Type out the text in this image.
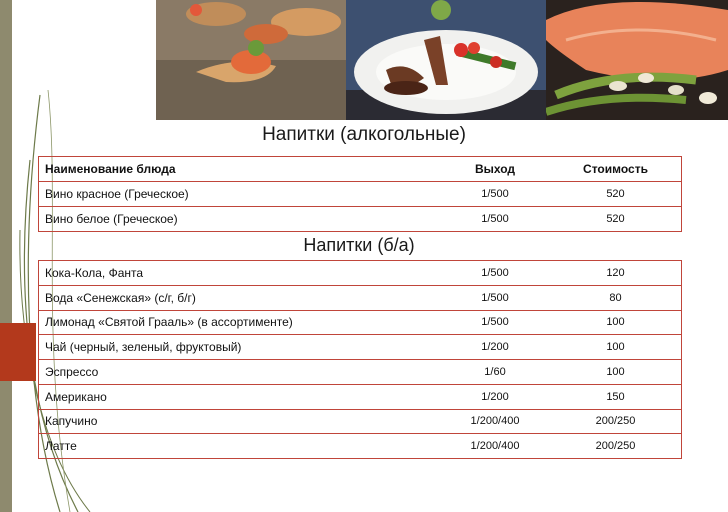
Напитки (алкогольные)
Наименование блюда	Выход	Стоимость
Вино красное (Греческое)	1/500	520
Вино белое (Греческое)	1/500	520
Напитки (б/а)
Кока-Кола, Фанта	1/500	120
Вода «Сенежская» (с/г, б/г)	1/500	80
Лимонад «Святой Грааль» (в ассортименте)	1/500	100
Чай (черный, зеленый, фруктовый)	1/200	100
Эспрессо	1/60	100
Американо	1/200	150
Капучино	1/200/400	200/250
Латте	1/200/400	200/250
